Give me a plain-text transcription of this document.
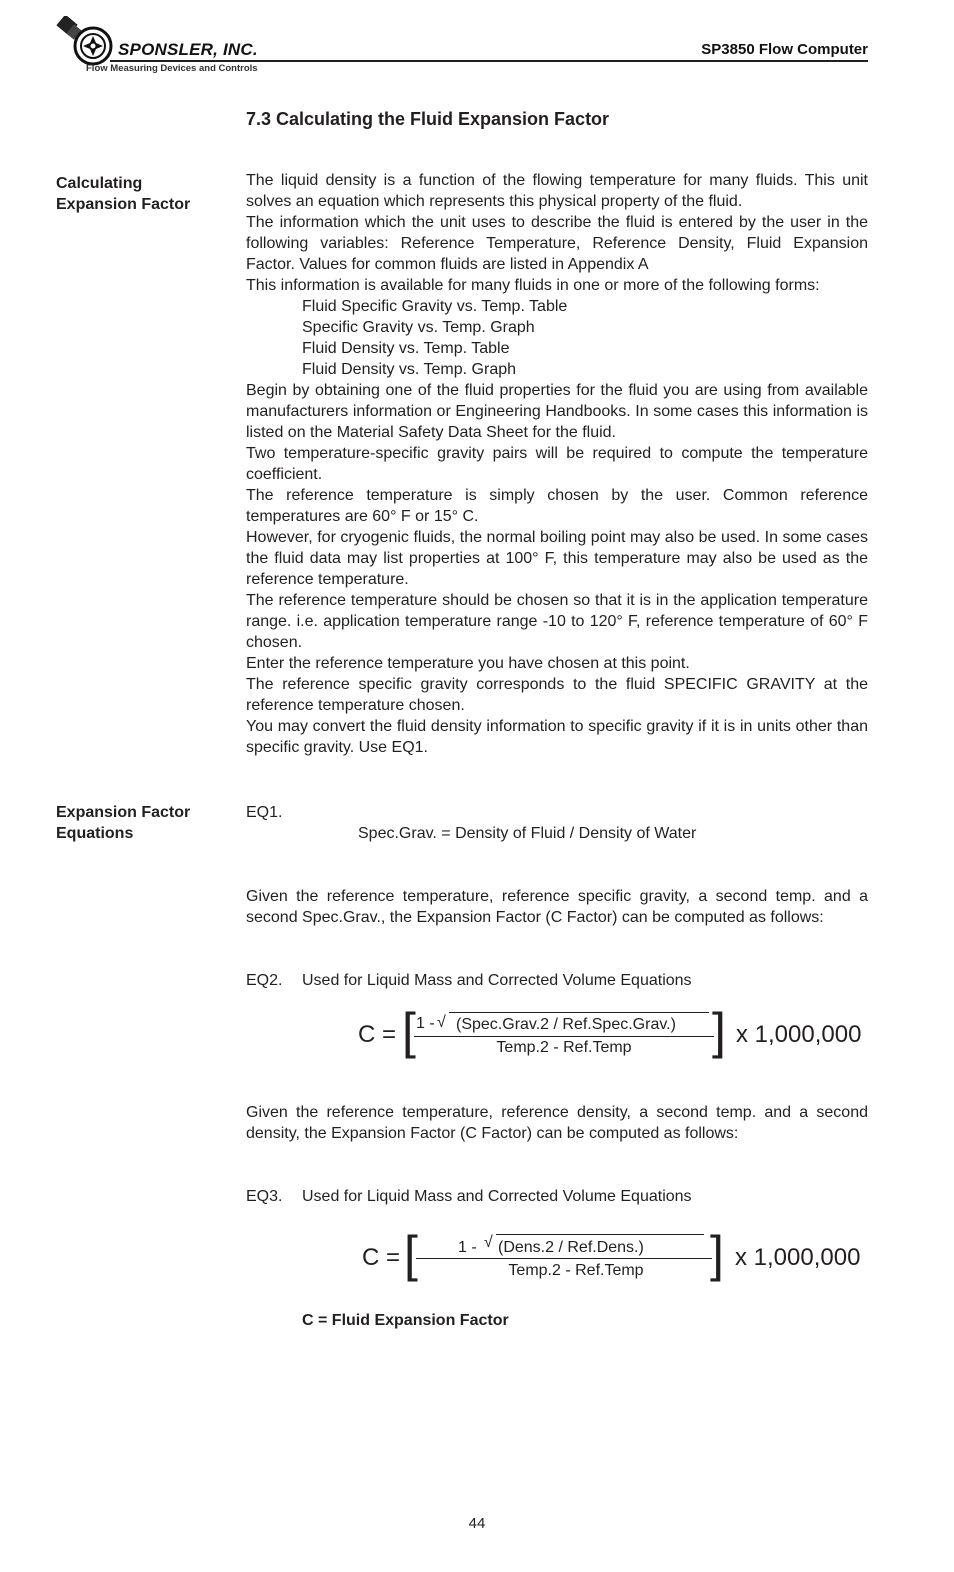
SPONSLER, INC.
Flow Measuring Devices and Controls
SP3850 Flow Computer
7.3 Calculating the Fluid Expansion Factor
Calculating
Expansion Factor
Expansion Factor
Equations

The liquid density is a function of the flowing temperature for many fluids. This unit solves an equation which represents this physical property of the fluid.

The information which the unit uses to describe the fluid is entered by the user in the following variables: Reference Temperature, Reference Density, Fluid Expansion Factor. Values for common fluids are listed in Appendix A

This information is available for many fluids in one or more of the following forms:

Fluid Specific Gravity vs. Temp. Table

Specific Gravity vs. Temp. Graph

Fluid Density vs. Temp. Table

Fluid Density vs. Temp. Graph

Begin by obtaining one of the fluid properties for the fluid you are using from available manufacturers information or Engineering Handbooks. In some cases this information is listed on the Material Safety Data Sheet for the fluid.

Two temperature-specific gravity pairs will be required to compute the temperature coefficient.

The reference temperature is simply chosen by the user. Common reference temperatures are 60° F or 15° C.

However, for cryogenic fluids, the normal boiling point may also be used. In some cases the fluid data may list properties at 100° F, this temperature may also be used as the reference temperature.

The reference temperature should be chosen so that it is in the application temperature range. i.e. application temperature range -10 to 120° F, reference temperature of 60° F chosen.

Enter the reference temperature you have chosen at this point.

The reference specific gravity corresponds to the fluid SPECIFIC GRAVITY at the reference temperature chosen.

You may convert the fluid density information to specific gravity if it is in units other than specific gravity. Use EQ1.

EQ1.
Spec.Grav. = Density of Fluid / Density of Water
Given the reference temperature, reference specific gravity, a second temp. and a second Spec.Grav., the Expansion Factor (C Factor) can be computed as follows:
EQ2. Used for Liquid Mass and Corrected Volume Equations
C = [ 1 - √ (Spec.Grav.2 / Ref.Spec.Grav.)
Temp.2 - Ref.Temp	] x 1,000,000
Given the reference temperature, reference density, a second temp. and a second density, the Expansion Factor (C Factor) can be computed as follows:
EQ3. Used for Liquid Mass and Corrected Volume Equations
C = [	1 - √ (Dens.2 / Ref.Dens.)
Temp.2 - Ref.Temp	] x 1,000,000
C = Fluid Expansion Factor
44
